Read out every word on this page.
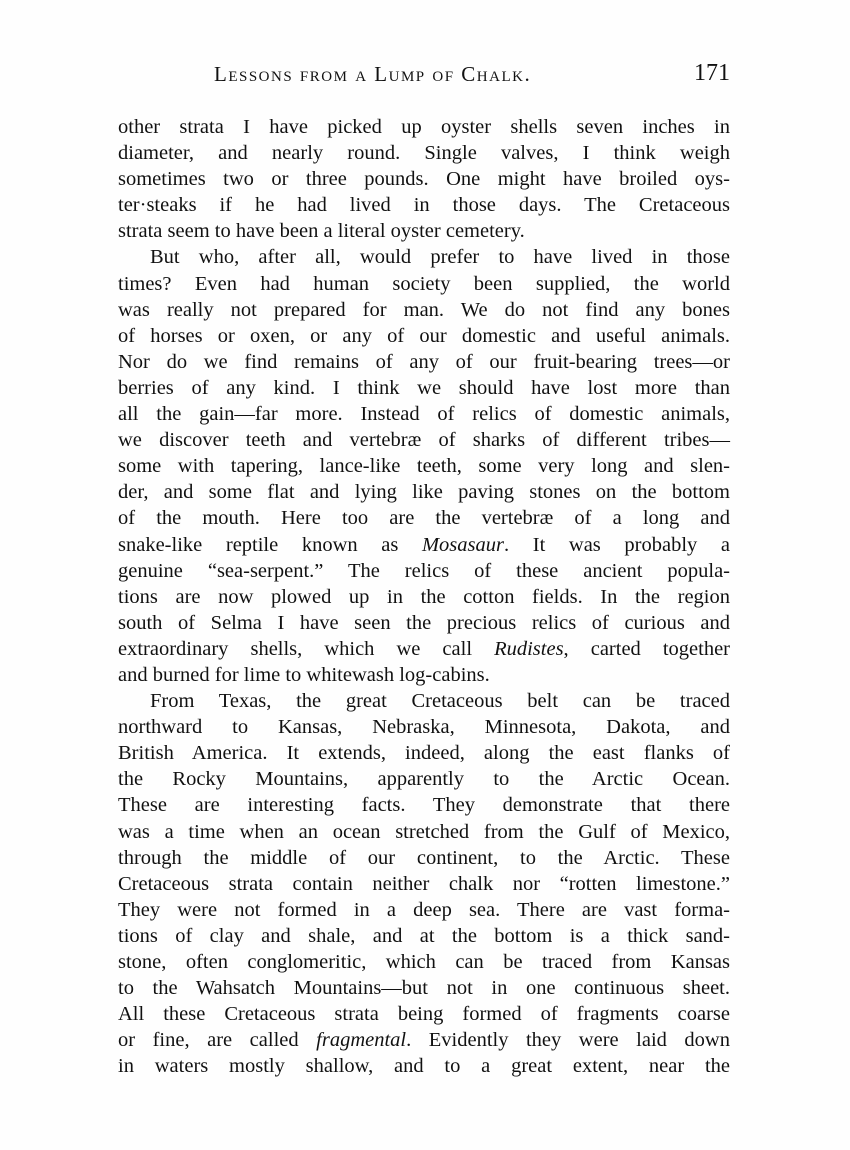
Lessons from a Lump of Chalk.	171
other strata I have picked up oyster shells seven inches in
diameter, and nearly round. Single valves, I think weigh
sometimes two or three pounds. One might have broiled oys-
ter·steaks if he had lived in those days. The Cretaceous
strata seem to have been a literal oyster cemetery.
But who, after all, would prefer to have lived in those
times? Even had human society been supplied, the world
was really not prepared for man. We do not find any bones
of horses or oxen, or any of our domestic and useful animals.
Nor do we find remains of any of our fruit-bearing trees—or
berries of any kind. I think we should have lost more than
all the gain—far more. Instead of relics of domestic animals,
we discover teeth and vertebræ of sharks of different tribes—
some with tapering, lance-like teeth, some very long and slen-
der, and some flat and lying like paving stones on the bottom
of the mouth. Here too are the vertebræ of a long and
snake-like reptile known as Mosasaur. It was probably a
genuine “sea-serpent.” The relics of these ancient popula-
tions are now plowed up in the cotton fields. In the region
south of Selma I have seen the precious relics of curious and
extraordinary shells, which we call Rudistes, carted together
and burned for lime to whitewash log-cabins.
From Texas, the great Cretaceous belt can be traced
northward to Kansas, Nebraska, Minnesota, Dakota, and
British America. It extends, indeed, along the east flanks of
the Rocky Mountains, apparently to the Arctic Ocean.
These are interesting facts. They demonstrate that there
was a time when an ocean stretched from the Gulf of Mexico,
through the middle of our continent, to the Arctic. These
Cretaceous strata contain neither chalk nor “rotten limestone.”
They were not formed in a deep sea. There are vast forma-
tions of clay and shale, and at the bottom is a thick sand-
stone, often conglomeritic, which can be traced from Kansas
to the Wahsatch Mountains—but not in one continuous sheet.
All these Cretaceous strata being formed of fragments coarse
or fine, are called fragmental. Evidently they were laid down
in waters mostly shallow, and to a great extent, near the
